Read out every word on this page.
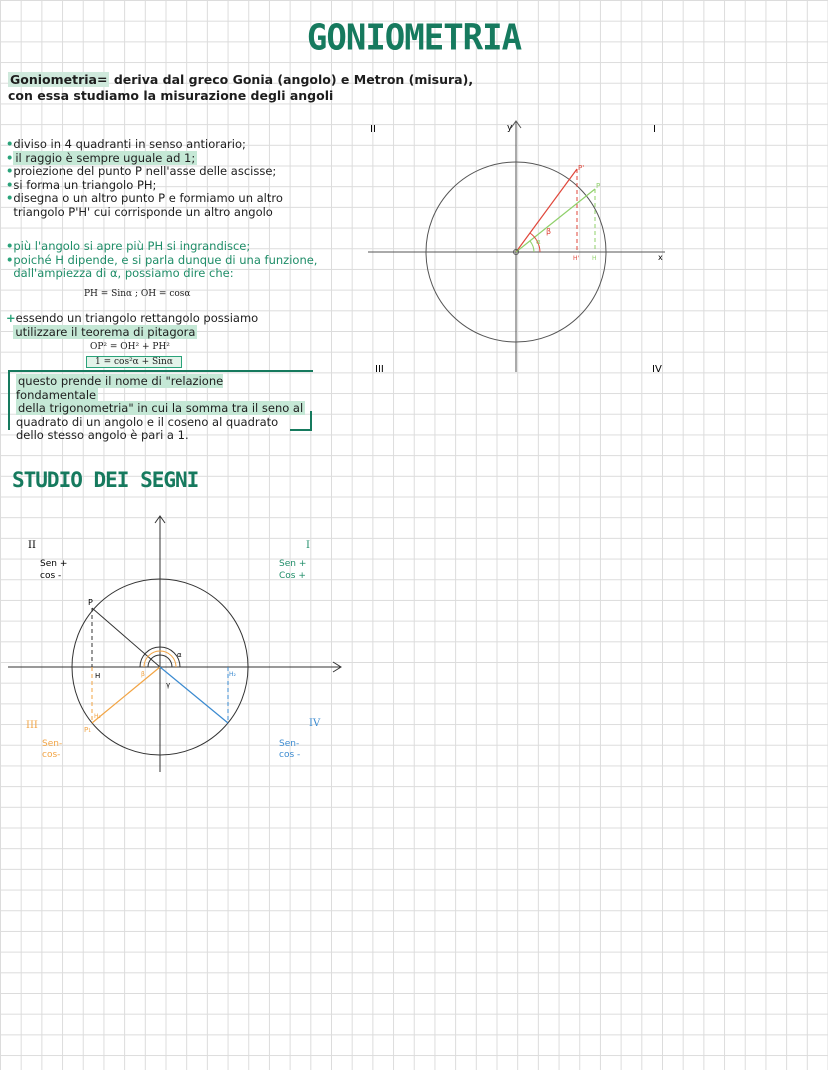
GONIOMETRIA
Goniometria= deriva dal greco Gonia (angolo) e Metron (misura),
con essa studiamo la misurazione degli angoli
•diviso in 4 quadranti in senso antiorario;
• il raggio è sempre uguale ad 1;
•proiezione del punto P nell'asse delle ascisse;
•si forma un triangolo PH;
•disegna o un altro punto P e formiamo un altro
triangolo P'H' cui corrisponde un altro angolo
•più l'angolo si apre più PH si ingrandisce;
•poiché H dipende, e si parla dunque di una funzione,
dall'ampiezza di α, possiamo dire che:
PH = Sinα ; OH = cosα
+essendo un triangolo rettangolo possiamo
utilizzare il teorema di pitagora
OP² = OH² + PH²
1 = cos²α + Sinα
questo prende il nome di "relazione fondamentale
della trigonometria" in cui la somma tra il seno al
quadrato di un angolo e il coseno al quadrato
dello stesso angolo è pari a 1.
STUDIO DEI SEGNI
II	I
III	IV
y
x
P'
P
H' H
β
α
II	I
III	IV
Sen +
cos -
Sen +
Cos +
Sen-
cos-
Sen-
cos -
P
H
P₁
H₁
H₂
α
β
γ
